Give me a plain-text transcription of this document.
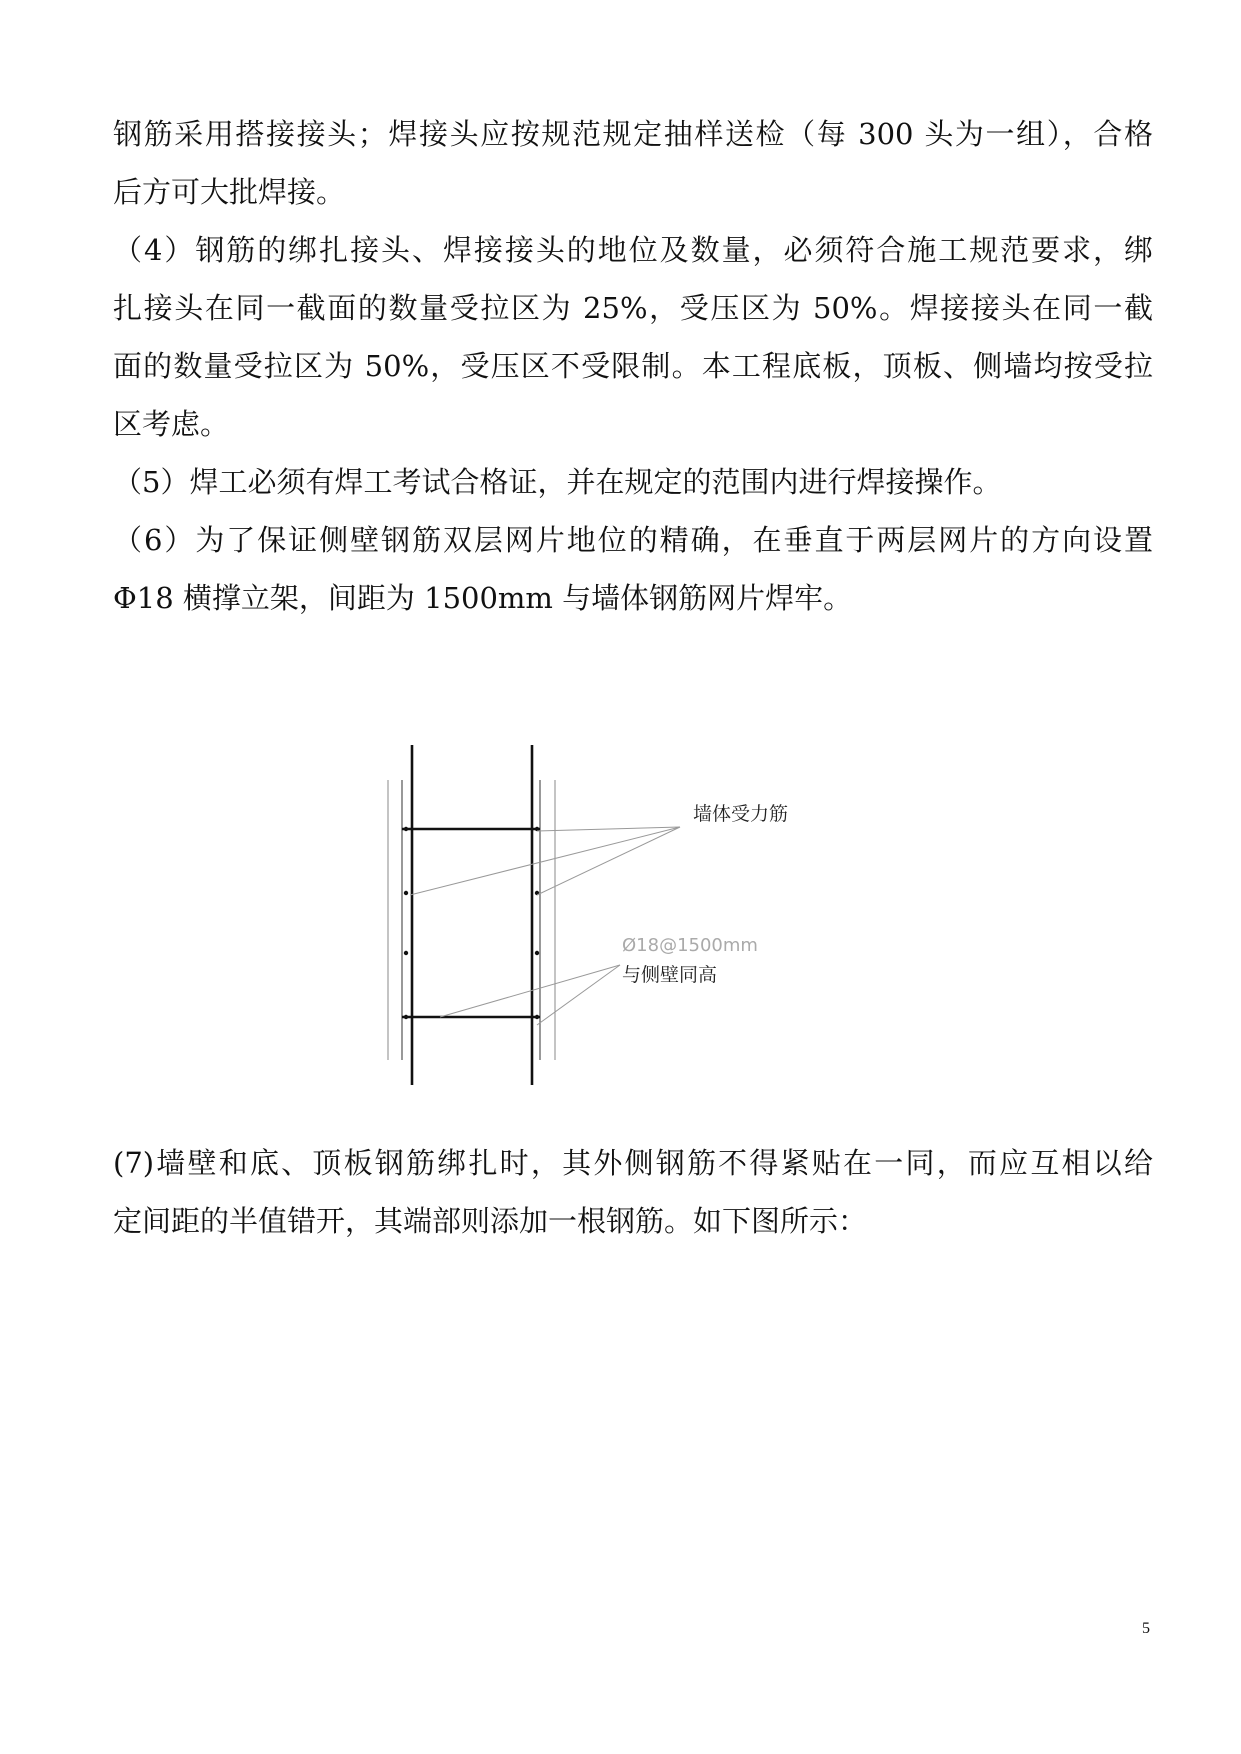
钢筋采用搭接接头；焊接头应按规范规定抽样送检（每 300 头为一组），合格
后方可大批焊接。
（4）钢筋的绑扎接头、焊接接头的地位及数量，必须符合施工规范要求，绑
扎接头在同一截面的数量受拉区为 25%，受压区为 50%。焊接接头在同一截
面的数量受拉区为 50%，受压区不受限制。本工程底板，顶板、侧墙均按受拉
区考虑。
（5）焊工必须有焊工考试合格证，并在规定的范围内进行焊接操作。
（6）为了保证侧壁钢筋双层网片地位的精确，在垂直于两层网片的方向设置
Φ18 横撑立架，间距为 1500mm 与墙体钢筋网片焊牢。
墙体受力筋
Ø18@1500mm
与侧壁同高
(7)墙壁和底、顶板钢筋绑扎时，其外侧钢筋不得紧贴在一同，而应互相以给
定间距的半值错开，其端部则添加一根钢筋。如下图所示：
5
